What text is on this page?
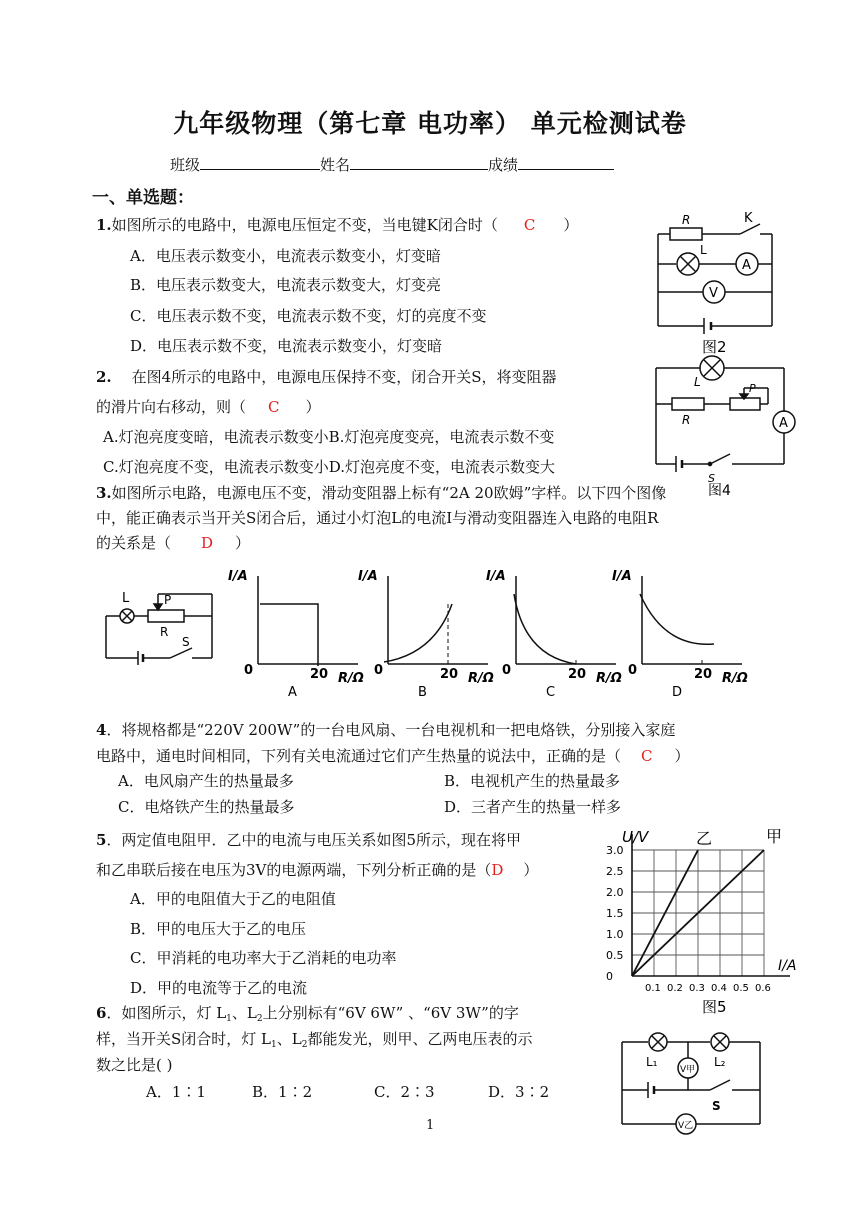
九年级物理（第七章 电功率） 单元检测试卷
班级	姓名	成绩
一、单选题：
1.如图所示的电路中，电源电压恒定不变，当电键K闭合时（ C ）
A．电压表示数变小，电流表示数变小，灯变暗
B．电压表示数变大，电流表示数变大，灯变亮
C．电压表示数不变，电流表示数不变，灯的亮度不变
D．电压表示数不变，电流表示数变小，灯变暗
R	K
L
A
V
图2
2. 在图4所示的电路中，电源电压保持不变，闭合开关S，将变阻器
的滑片向右移动，则（ C ）
A.灯泡亮度变暗，电流表示数变小B.灯泡亮度变亮，电流表示数不变
C.灯泡亮度不变，电流表示数变小D.灯泡亮度不变，电流表示数变大
L	P
R	A
S
图4
3.如图所示电路，电源电压不变，滑动变阻器上标有“2A 20欧姆”字样。以下四个图像
中，能正确表示当开关S闭合后，通过小灯泡L的电流I与滑动变阻器连入电路的电阻R
的关系是（ D ）
L	P
R
S
I/A
R/Ω
0	20
A
I/A
R/Ω
0	20
B
I/A
R/Ω
0	20
C
I/A
R/Ω
0	20
D
4．将规格都是“220V 200W”的一台电风扇、一台电视机和一把电烙铁，分别接入家庭
电路中，通电时间相同，下列有关电流通过它们产生热量的说法中，正确的是（ C ）
A．电风扇产生的热量最多	B．电视机产生的热量最多
C．电烙铁产生的热量最多	D．三者产生的热量一样多
5．两定值电阻甲．乙中的电流与电压关系如图5所示，现在将甲
和乙串联后接在电压为3V的电源两端，下列分析正确的是（D ）
A．甲的电阻值大于乙的电阻值
B．甲的电压大于乙的电压
C．甲消耗的电功率大于乙消耗的电功率
D．甲的电流等于乙的电流
3.0
2.5
2.0
1.5
1.0
0.5
0
0.1 0.2 0.3 0.4 0.5 0.6
U/V
I/A
乙	甲
图5
6．如图所示，灯 $L_1$、$L_2$上分别标有“6V 6W” 、“6V 3W”的字
样，当开关S闭合时，灯 $L_1$、$L_2$都能发光，则甲、乙两电压表的示
数之比是( )
A．1∶1	B．1∶2	C．2∶3	D．3∶2
L₁	L₂
V甲
S
V乙
1
